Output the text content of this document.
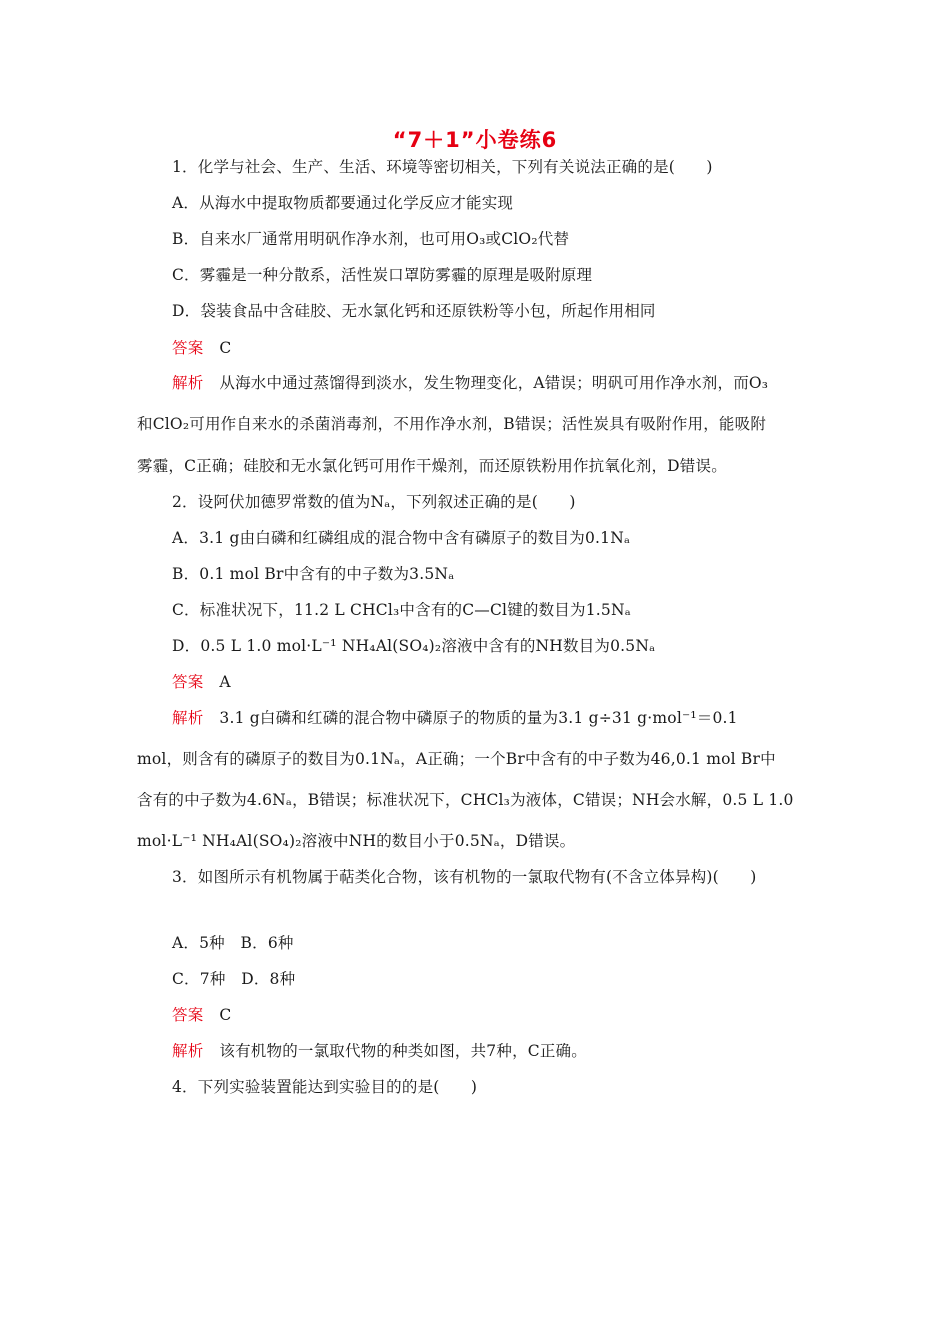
“7＋1”小卷练6
1．化学与社会、生产、生活、环境等密切相关，下列有关说法正确的是(　　)
A．从海水中提取物质都要通过化学反应才能实现
B．自来水厂通常用明矾作净水剂，也可用O₃或ClO₂代替
C．雾霾是一种分散系，活性炭口罩防雾霾的原理是吸附原理
D．袋装食品中含硅胶、无水氯化钙和还原铁粉等小包，所起作用相同
答案 C
解析 从海水中通过蒸馏得到淡水，发生物理变化，A错误；明矾可用作净水剂，而O₃
和ClO₂可用作自来水的杀菌消毒剂，不用作净水剂，B错误；活性炭具有吸附作用，能吸附
雾霾，C正确；硅胶和无水氯化钙可用作干燥剂，而还原铁粉用作抗氧化剂，D错误。
2．设阿伏加德罗常数的值为Nₐ，下列叙述正确的是(　　)
A．3.1 g由白磷和红磷组成的混合物中含有磷原子的数目为0.1Nₐ
B．0.1 mol Br中含有的中子数为3.5Nₐ
C．标准状况下，11.2 L CHCl₃中含有的C—Cl键的数目为1.5Nₐ
D．0.5 L 1.0 mol·L⁻¹ NH₄Al(SO₄)₂溶液中含有的NH数目为0.5Nₐ
答案 A
解析 3.1 g白磷和红磷的混合物中磷原子的物质的量为3.1 g÷31 g·mol⁻¹＝0.1
mol，则含有的磷原子的数目为0.1Nₐ，A正确；一个Br中含有的中子数为46,0.1 mol Br中
含有的中子数为4.6Nₐ，B错误；标准状况下，CHCl₃为液体，C错误；NH会水解，0.5 L 1.0
mol·L⁻¹ NH₄Al(SO₄)₂溶液中NH的数目小于0.5Nₐ，D错误。
3．如图所示有机物属于萜类化合物，该有机物的一氯取代物有(不含立体异构)(　　)
A．5种　B．6种
C．7种　D．8种
答案 C
解析 该有机物的一氯取代物的种类如图，共7种，C正确。
4．下列实验装置能达到实验目的的是(　　)
